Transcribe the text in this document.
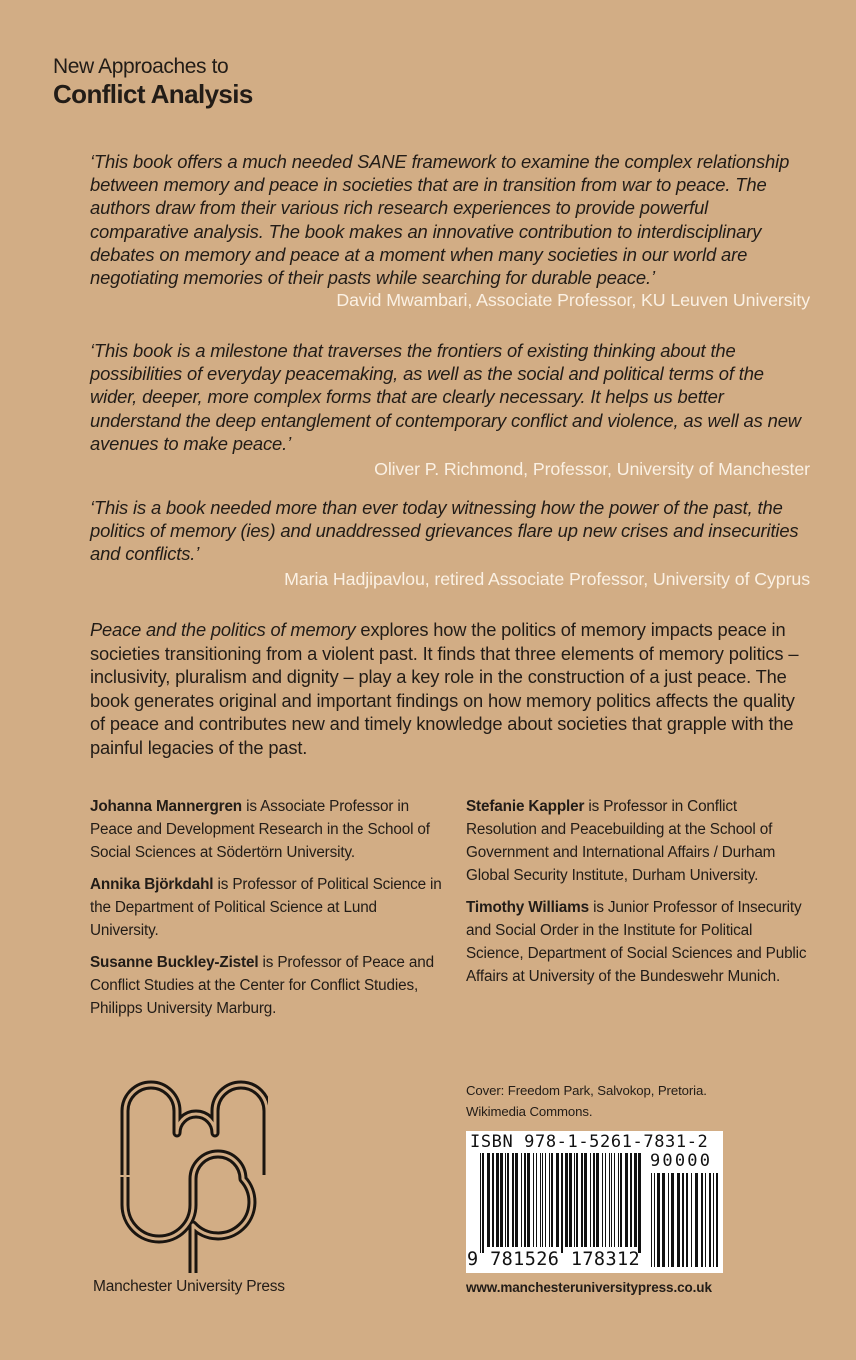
New Approaches to
Conflict Analysis

‘This book offers a much needed SANE framework to examine the complex relationship between memory and peace in societies that are in transition from war to peace. The authors draw from their various rich research experiences to provide powerful comparative analysis. The book makes an innovative contribution to interdisciplinary debates on memory and peace at a moment when many societies in our world are negotiating memories of their pasts while searching for durable peace.’

David Mwambari, Associate Professor, KU Leuven University

‘This book is a milestone that traverses the frontiers of existing thinking about the possibilities of everyday peacemaking, as well as the social and political terms of the wider, deeper, more complex forms that are clearly necessary. It helps us better understand the deep entanglement of contemporary conflict and violence, as well as new avenues to make peace.’

Oliver P. Richmond, Professor, University of Manchester

‘This is a book needed more than ever today witnessing how the power of the past, the politics of memory (ies) and unaddressed grievances flare up new crises and insecurities and conflicts.’

Maria Hadjipavlou, retired Associate Professor, University of Cyprus

Peace and the politics of memory explores how the politics of memory impacts peace in societies transitioning from a violent past. It finds that three elements of memory politics – inclusivity, pluralism and dignity – play a key role in the construction of a just peace. The book generates original and important findings on how memory politics affects the quality of peace and contributes new and timely knowledge about societies that grapple with the painful legacies of the past.

Johanna Mannergren is Associate Professor in Peace and Development Research in the School of Social Sciences at Södertörn University.

Annika Björkdahl is Professor of Political Science in the Department of Political Science at Lund University.

Susanne Buckley-Zistel is Professor of Peace and Conflict Studies at the Center for Conflict Studies, Philipps University Marburg.

Stefanie Kappler is Professor in Conflict Resolution and Peacebuilding at the School of Government and International Affairs / Durham Global Security Institute, Durham University.

Timothy Williams is Junior Professor of Insecurity and Social Order in the Institute for Political Science, Department of Social Sciences and Public Affairs at University of the Bundeswehr Munich.

Manchester University Press
Cover: Freedom Park, Salvokop, Pretoria.
Wikimedia Commons.
ISBN 978-1-5261-7831-2
90000
9 781526 178312
www.manchesteruniversitypress.co.uk
